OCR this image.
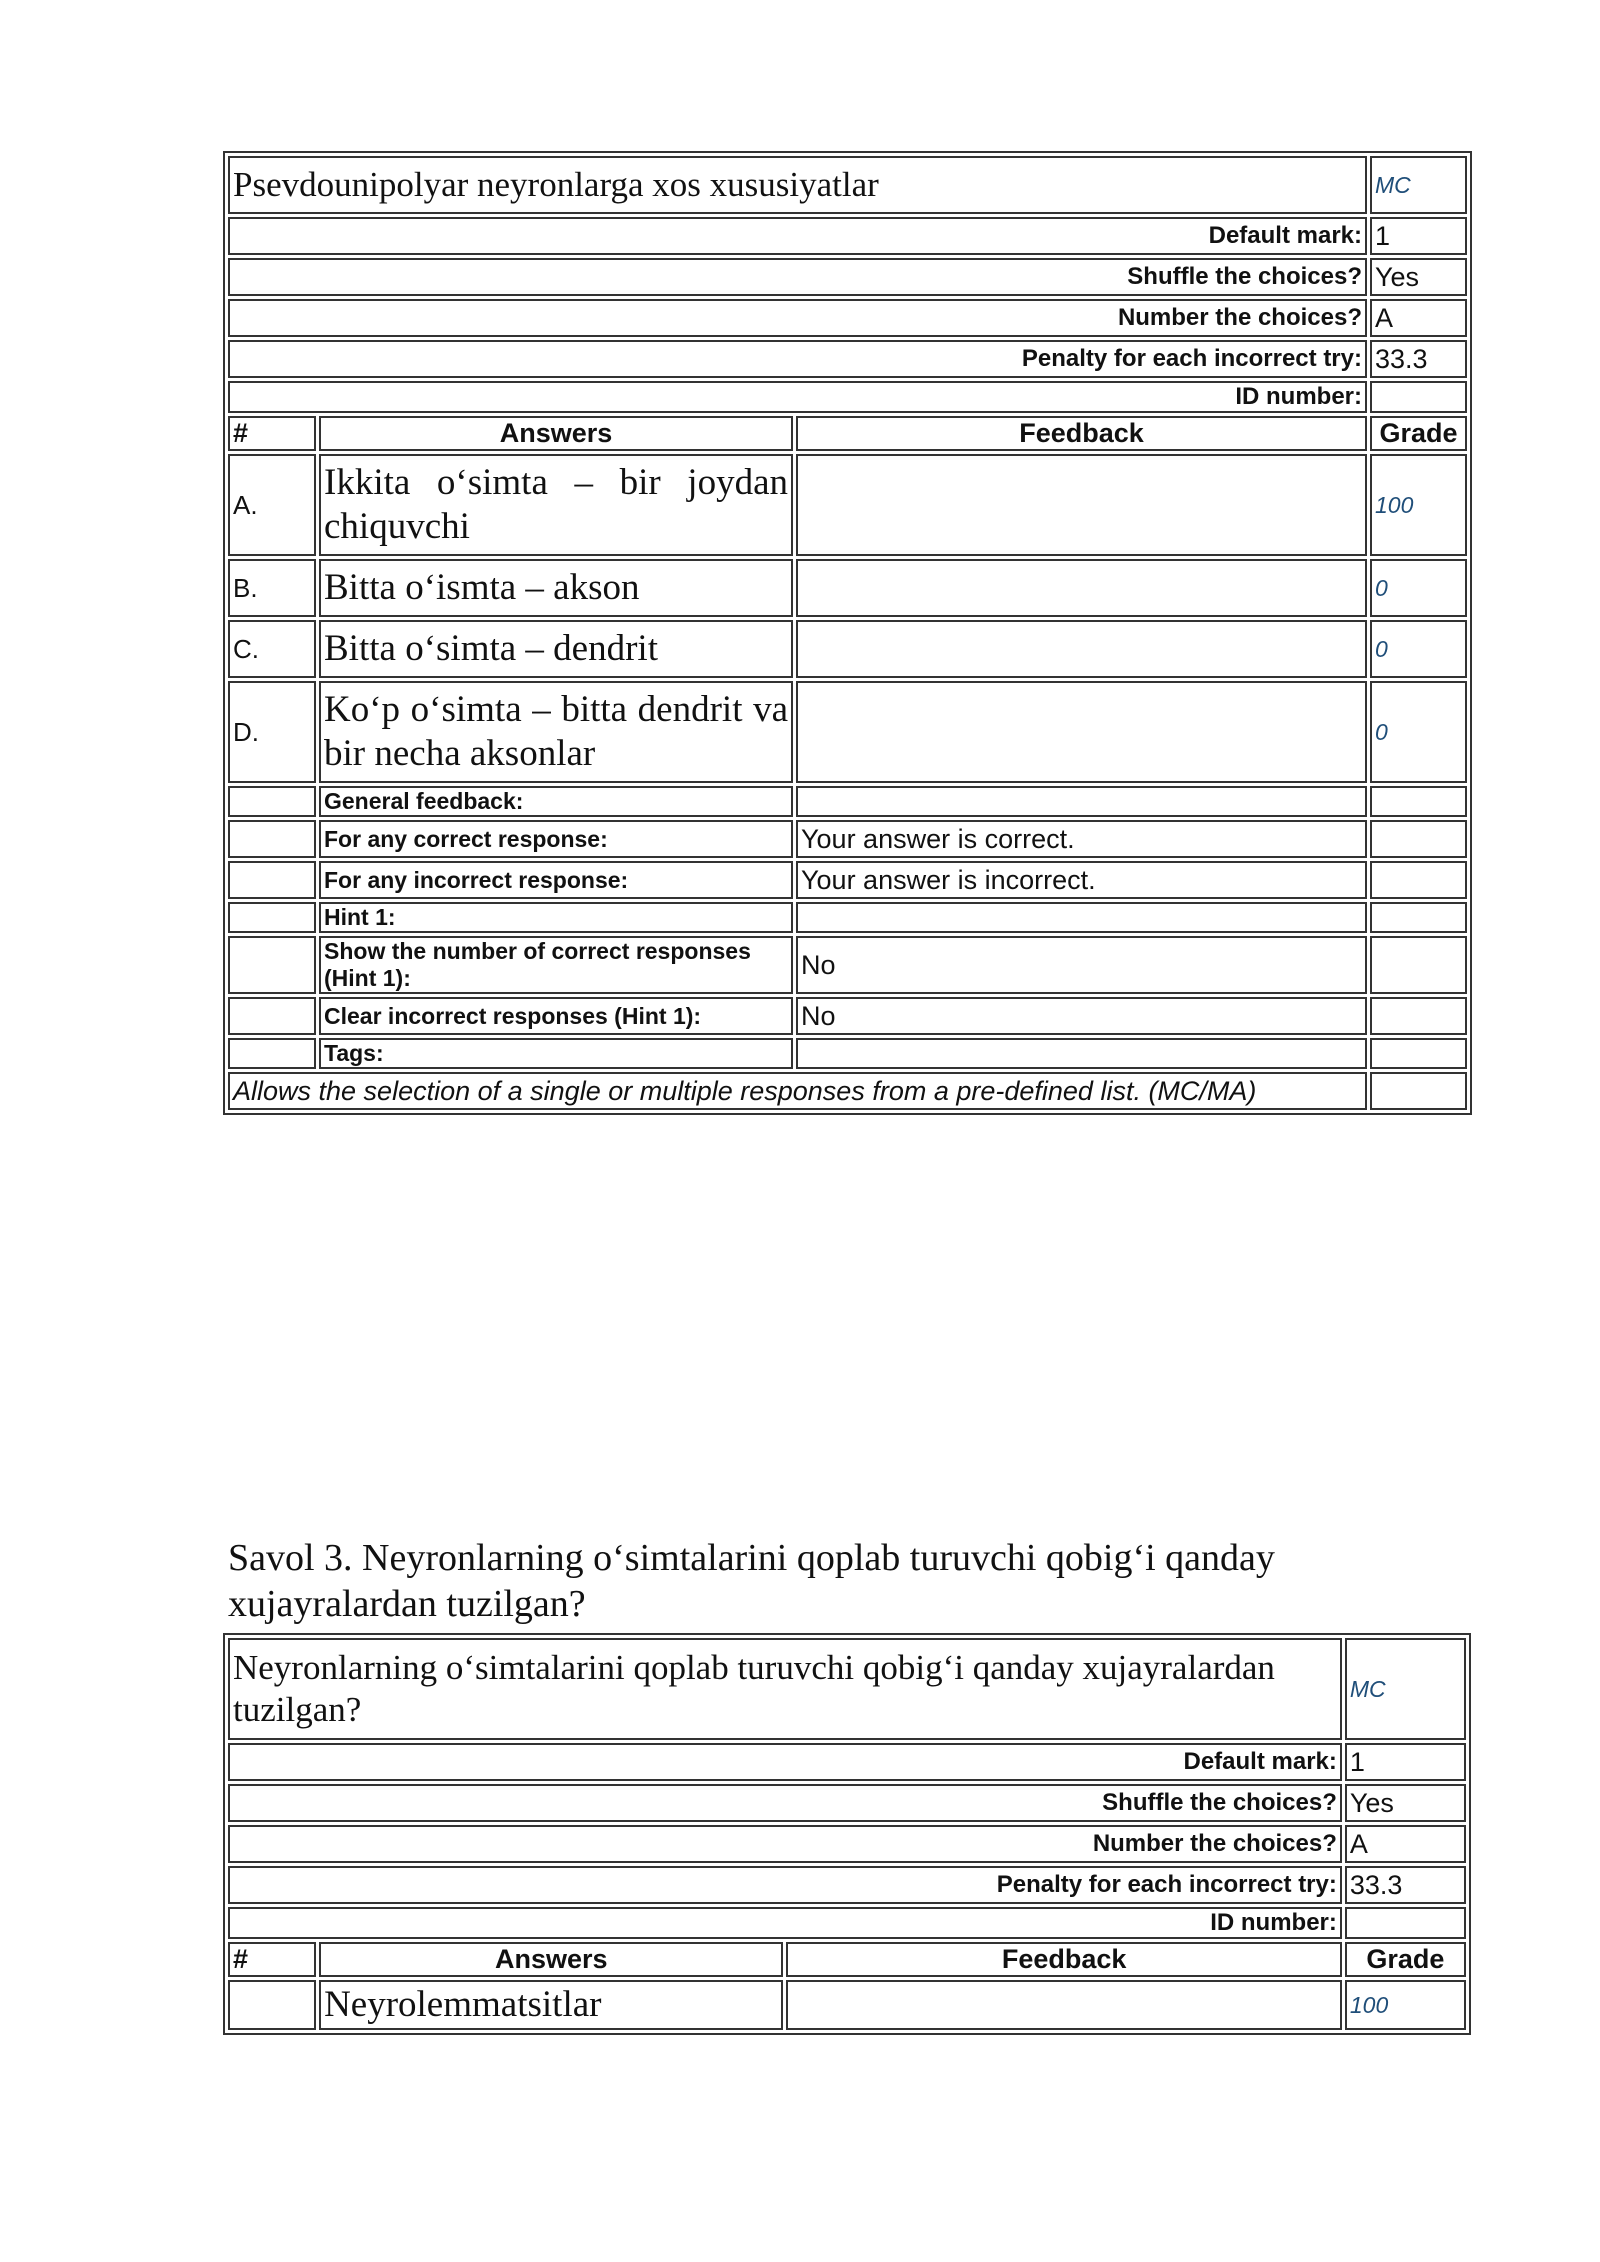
Psevdounipolyar neyronlarga xos xususiyatlar			MC
Default mark:			1
Shuffle the choices?			Yes
Number the choices?			A
Penalty for each incorrect try:			33.3
ID number:			
#	Answers	Feedback	Grade
A.	Ikkita o‘simta – bir joydan chiquvchi		100
B.	Bitta o‘ismta – akson		0
C.	Bitta o‘simta – dendrit		0
D.	Ko‘p o‘simta – bitta dendrit va bir necha aksonlar		0
	General feedback:		
	For any correct response:	Your answer is correct.	
	For any incorrect response:	Your answer is incorrect.	
	Hint 1:		
	Show the number of correct responses (Hint 1):	No	
	Clear incorrect responses (Hint 1):	No	
	Tags:		
Allows the selection of a single or multiple responses from a pre-defined list. (MC/MA)			
Savol 3. Neyronlarning o‘simtalarini qoplab turuvchi qobig‘i qanday xujayralardan tuzilgan?
Neyronlarning o‘simtalarini qoplab turuvchi qobig‘i qanday xujayralardan tuzilgan?			MC
Default mark:			1
Shuffle the choices?			Yes
Number the choices?			A
Penalty for each incorrect try:			33.3
ID number:			
#	Answers	Feedback	Grade
	Neyrolemmatsitlar		100
